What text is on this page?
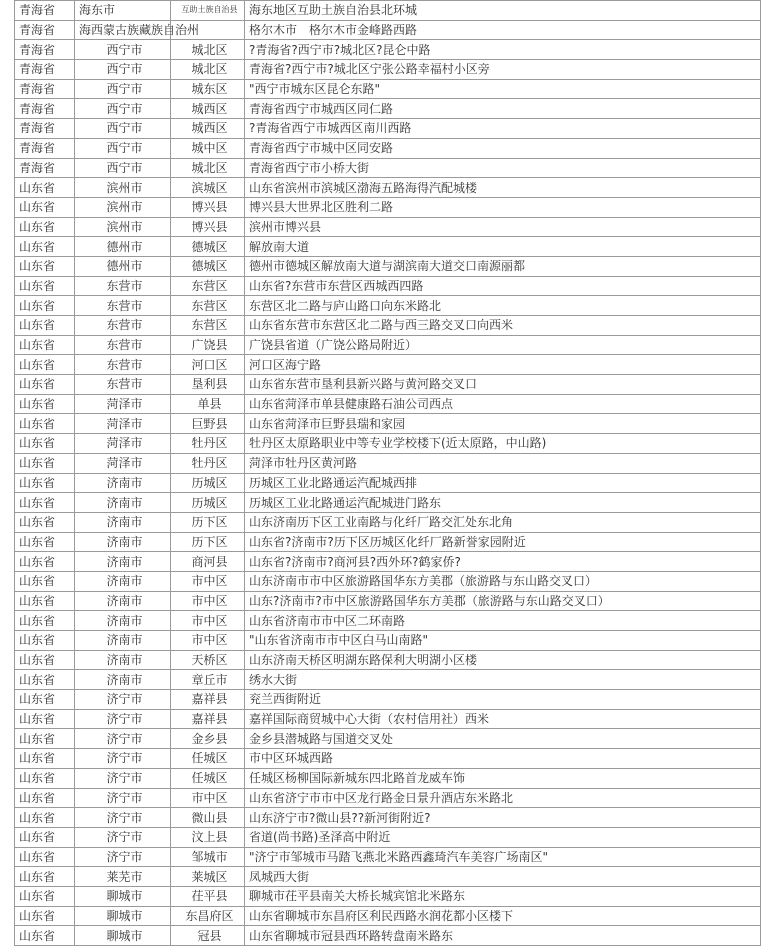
青海省	海东市	互助土族自治县	海东地区互助土族自治县北环城
青海省	海西蒙古族藏族自治州		格尔木市　格尔木市金峰路西路
青海省	西宁市	城北区	?青海省?西宁市?城北区?昆仑中路
青海省	西宁市	城北区	青海省?西宁市?城北区宁张公路幸福村小区旁
青海省	西宁市	城东区	"西宁市城东区昆仑东路"
青海省	西宁市	城西区	青海省西宁市城西区同仁路
青海省	西宁市	城西区	?青海省西宁市城西区南川西路
青海省	西宁市	城中区	青海省西宁市城中区同安路
青海省	西宁市	城北区	青海省西宁市小桥大街
山东省	滨州市	滨城区	山东省滨州市滨城区渤海五路海得汽配城楼
山东省	滨州市	博兴县	博兴县大世界北区胜利二路
山东省	滨州市	博兴县	滨州市博兴县
山东省	德州市	德城区	解放南大道
山东省	德州市	德城区	德州市德城区解放南大道与湖滨南大道交口南源丽都
山东省	东营市	东营区	山东省?东营市东营区西城西四路
山东省	东营市	东营区	东营区北二路与庐山路口向东米路北
山东省	东营市	东营区	山东省东营市东营区北二路与西三路交叉口向西米
山东省	东营市	广饶县	广饶县省道（广饶公路局附近）
山东省	东营市	河口区	河口区海宁路
山东省	东营市	垦利县	山东省东营市垦利县新兴路与黄河路交叉口
山东省	菏泽市	单县	山东省菏泽市单县健康路石油公司西点
山东省	菏泽市	巨野县	山东省菏泽市巨野县瑞和家园
山东省	菏泽市	牡丹区	牡丹区太原路职业中等专业学校楼下(近太原路，中山路)
山东省	菏泽市	牡丹区	菏泽市牡丹区黄河路
山东省	济南市	历城区	历城区工业北路通运汽配城西排
山东省	济南市	历城区	历城区工业北路通运汽配城进门路东
山东省	济南市	历下区	山东济南历下区工业南路与化纤厂路交汇处东北角
山东省	济南市	历下区	山东省?济南市?历下区历城区化纤厂路新誉家园附近
山东省	济南市	商河县	山东省?济南市?商河县?西外环?鹤家侨?
山东省	济南市	市中区	山东济南市市中区旅游路国华东方美郡（旅游路与东山路交叉口）
山东省	济南市	市中区	山东?济南市?市中区旅游路国华东方美郡（旅游路与东山路交叉口）
山东省	济南市	市中区	山东省济南市市中区二环南路
山东省	济南市	市中区	"山东省济南市市中区白马山南路"
山东省	济南市	天桥区	山东济南天桥区明湖东路保利大明湖小区楼
山东省	济南市	章丘市	绣水大街
山东省	济宁市	嘉祥县	兖兰西街附近
山东省	济宁市	嘉祥县	嘉祥国际商贸城中心大街（农村信用社）西米
山东省	济宁市	金乡县	金乡县潜城路与国道交叉处
山东省	济宁市	任城区	市中区环城西路
山东省	济宁市	任城区	任城区杨柳国际新城东四北路首龙威车饰
山东省	济宁市	市中区	山东省济宁市市中区龙行路金日景升酒店东米路北
山东省	济宁市	微山县	山东济宁市?微山县??新河街附近?
山东省	济宁市	汶上县	省道(尚书路)圣泽高中附近
山东省	济宁市	邹城市	"济宁市邹城市马踏飞燕北米路西鑫琦汽车美容广场南区"
山东省	莱芜市	莱城区	凤城西大街
山东省	聊城市	茌平县	聊城市茌平县南关大桥长城宾馆北米路东
山东省	聊城市	东昌府区	山东省聊城市东昌府区利民西路水润花都小区楼下
山东省	聊城市	冠县	山东省聊城市冠县西环路转盘南米路东
